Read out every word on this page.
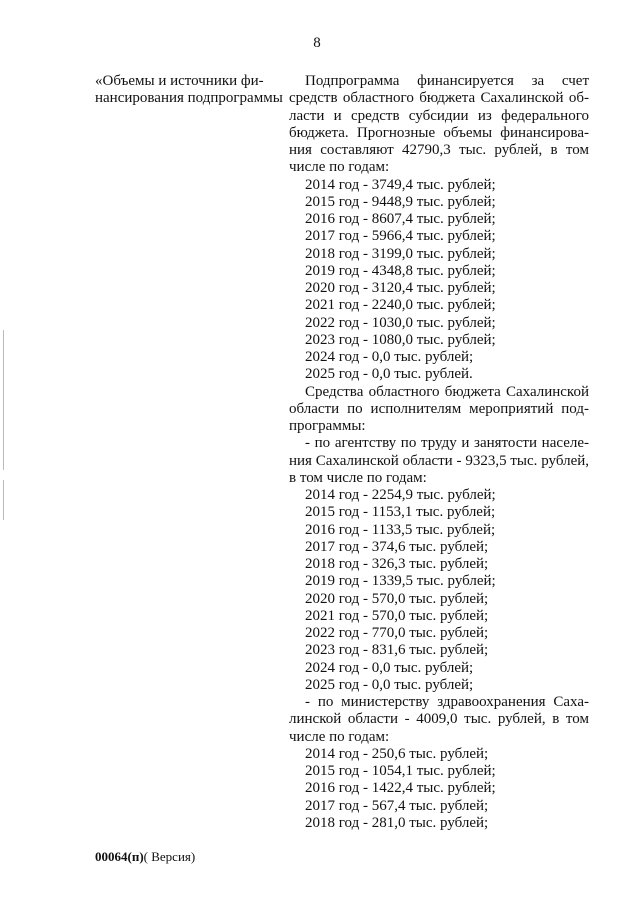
8
«Объемы и источники фи-
нансирования подпрограммы
Подпрограмма финансируется за счет
средств областного бюджета Сахалинской об-
ласти и средств субсидии из федерального
бюджета. Прогнозные объемы финансирова-
ния составляют 42790,3 тыс. рублей, в том
числе по годам:
2014 год - 3749,4 тыс. рублей;
2015 год - 9448,9 тыс. рублей;
2016 год - 8607,4 тыс. рублей;
2017 год - 5966,4 тыс. рублей;
2018 год - 3199,0 тыс. рублей;
2019 год - 4348,8 тыс. рублей;
2020 год - 3120,4 тыс. рублей;
2021 год - 2240,0 тыс. рублей;
2022 год - 1030,0 тыс. рублей;
2023 год - 1080,0 тыс. рублей;
2024 год - 0,0 тыс. рублей;
2025 год - 0,0 тыс. рублей.
Средства областного бюджета Сахалинской
области по исполнителям мероприятий под-
программы:
- по агентству по труду и занятости населе-
ния Сахалинской области - 9323,5 тыс. рублей,
в том числе по годам:
2014 год - 2254,9 тыс. рублей;
2015 год - 1153,1 тыс. рублей;
2016 год - 1133,5 тыс. рублей;
2017 год - 374,6 тыс. рублей;
2018 год - 326,3 тыс. рублей;
2019 год - 1339,5 тыс. рублей;
2020 год - 570,0 тыс. рублей;
2021 год - 570,0 тыс. рублей;
2022 год - 770,0 тыс. рублей;
2023 год - 831,6 тыс. рублей;
2024 год - 0,0 тыс. рублей;
2025 год - 0,0 тыс. рублей;
- по министерству здравоохранения Саха-
линской области - 4009,0 тыс. рублей, в том
числе по годам:
2014 год - 250,6 тыс. рублей;
2015 год - 1054,1 тыс. рублей;
2016 год - 1422,4 тыс. рублей;
2017 год - 567,4 тыс. рублей;
2018 год - 281,0 тыс. рублей;
00064(п)( Версия)
